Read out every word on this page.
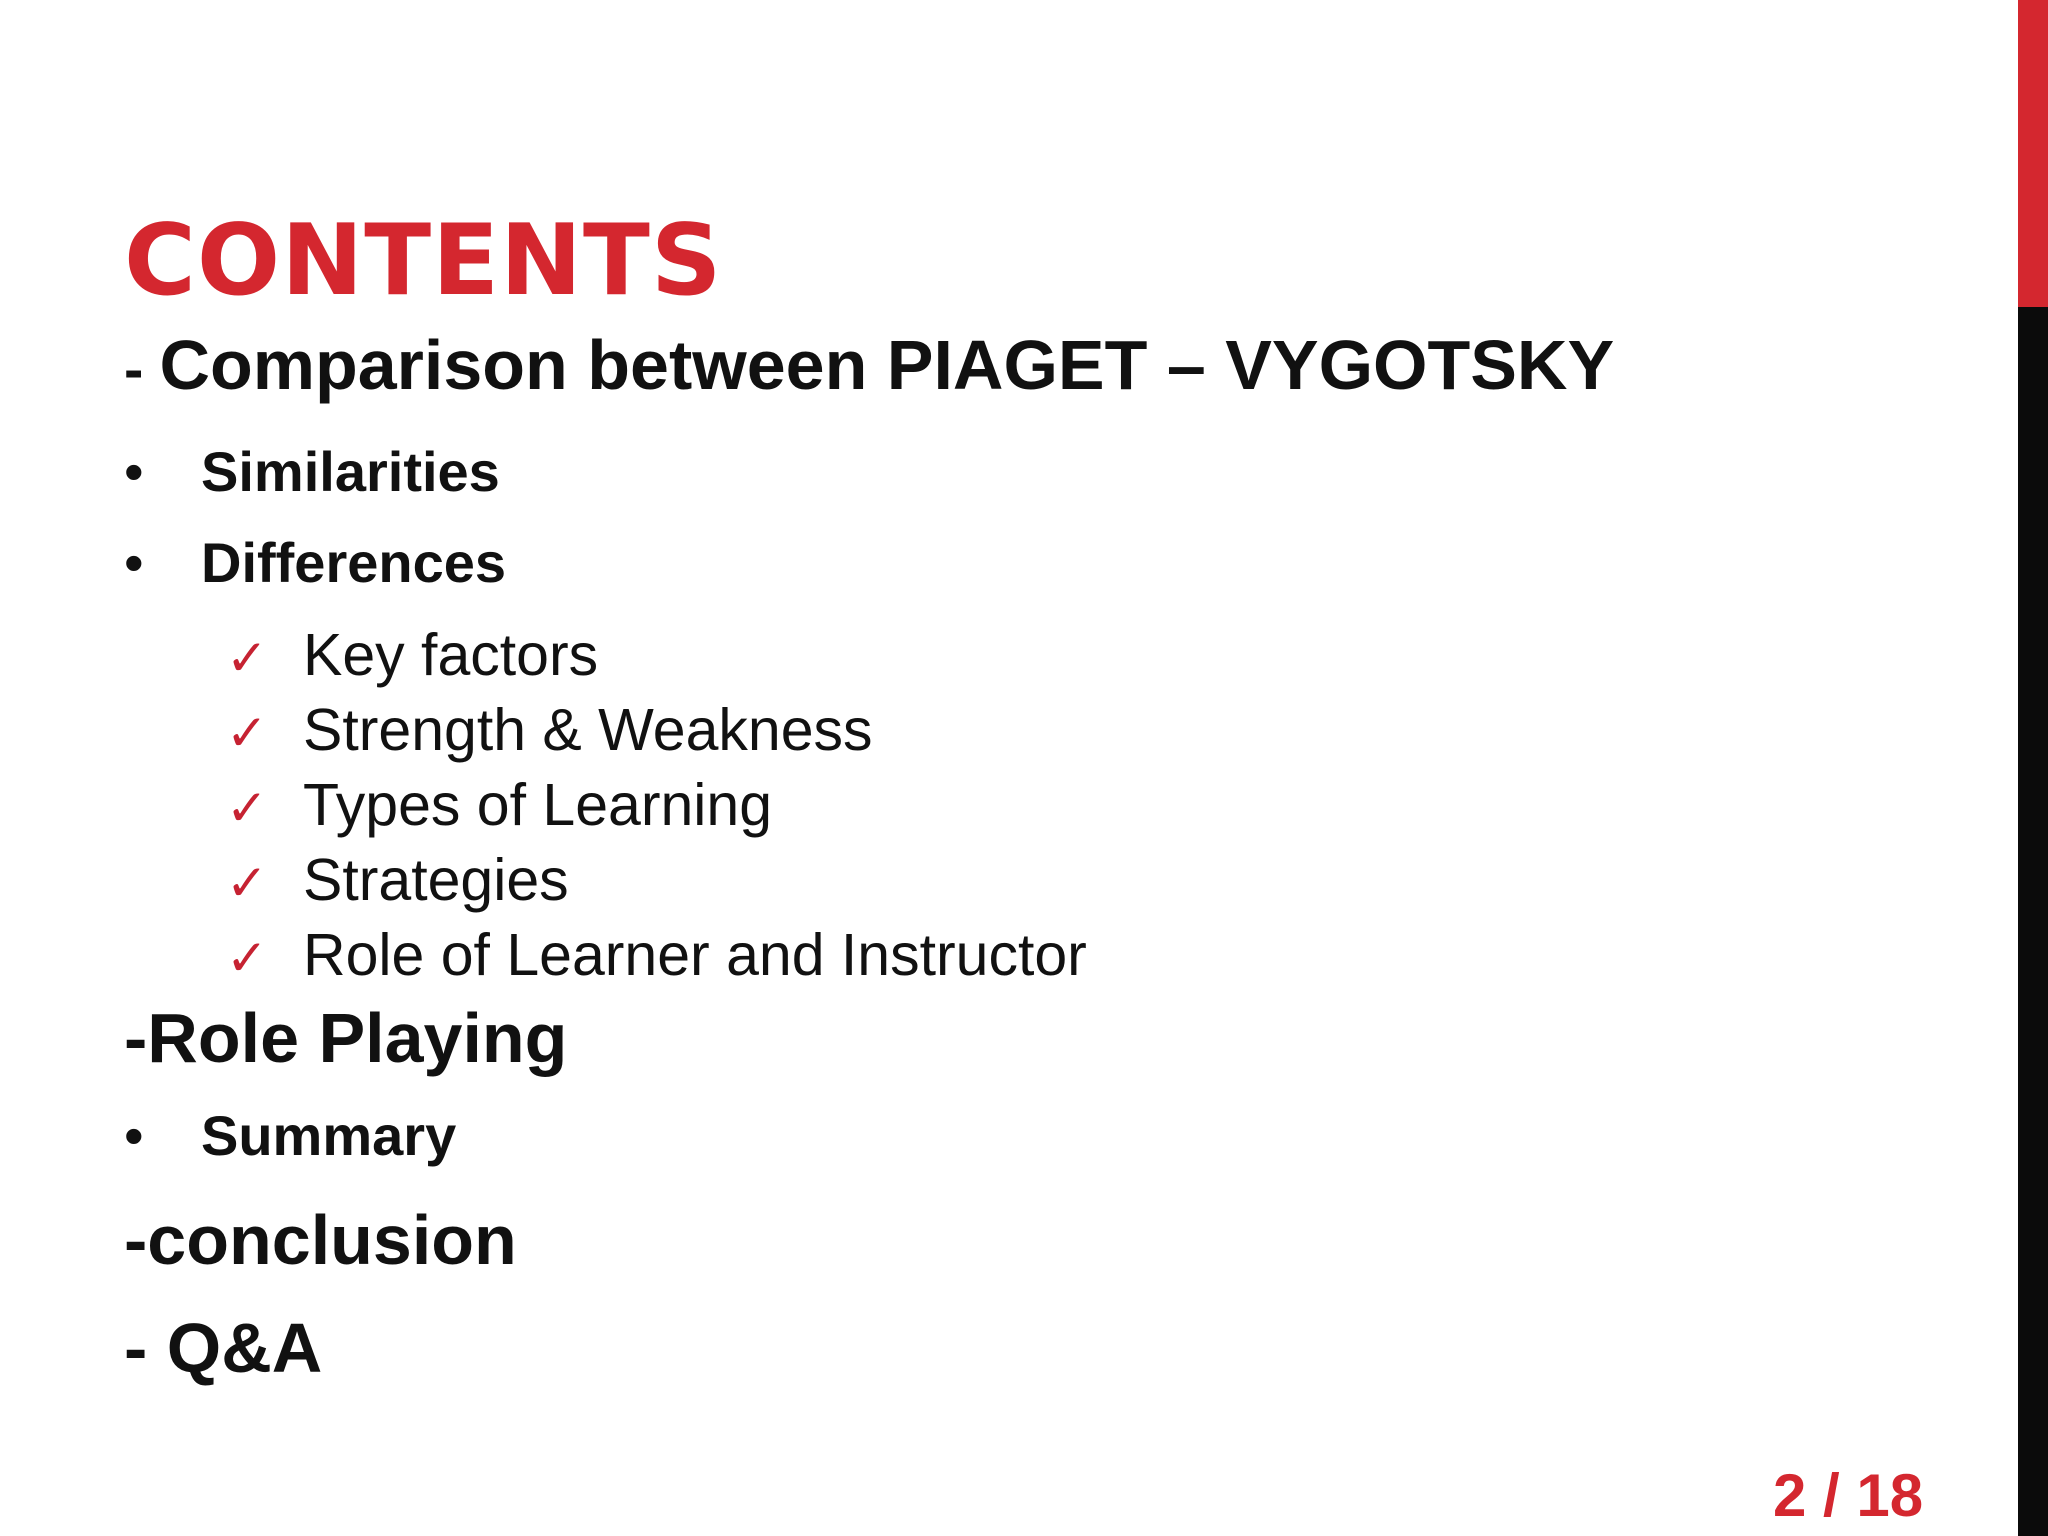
CONTENTS
- Comparison between PIAGET – VYGOTSKY
• Similarities
• Differences
✓ Key factors
✓ Strength & Weakness
✓ Types of Learning
✓ Strategies
✓ Role of Learner and Instructor
-Role Playing
• Summary
-conclusion
- Q&A
2 / 18
